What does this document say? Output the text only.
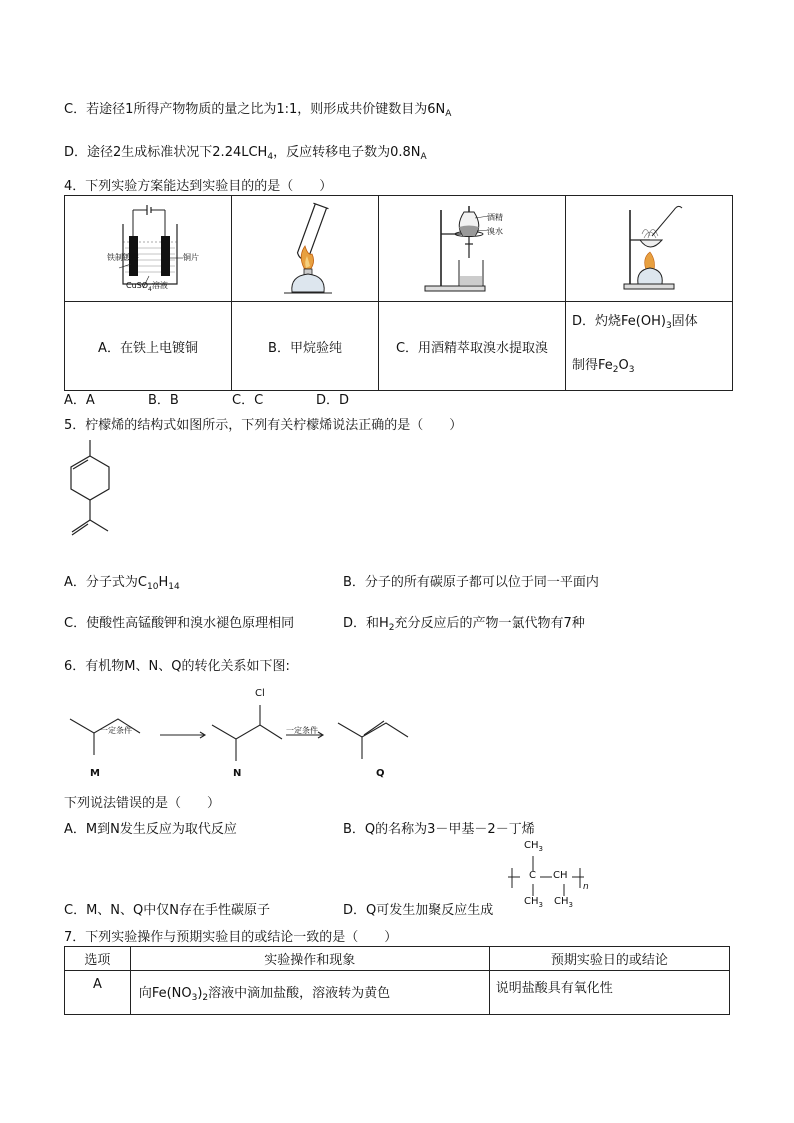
C．若途径1所得产物物质的量之比为1:1，则形成共价键数目为$6N_A$
D．途径2生成标准状况下$2.24LCH_4$，反应转移电子数为$0.8N_A$
4．下列实验方案能达到实验目的的是（　　）

A．在铁上电镀铜	B．甲烷验纯	C．用酒精萃取溴水提取溴	D．灼烧$Fe(OH)_3$固体
制得$Fe_2O_3$
铁制镀件	铜片
CuSO$_4$溶液
酒精
溴水
A．A	B．B	C．C	D．D
5．柠檬烯的结构式如图所示，下列有关柠檬烯说法正确的是（　　）
A．分子式为$C_{10}H_{14}$	B．分子的所有碳原子都可以位于同一平面内
C．使酸性高锰酸钾和溴水褪色原理相同	D．和$H_2$充分反应后的产物一氯代物有7种
6．有机物M、N、Q的转化关系如下图:
一定条件	一定条件
Cl
M	N	Q
下列说法错误的是（　　）
A．M到N发生反应为取代反应	B．Q的名称为3－甲基－2－丁烯
C．M、N、Q中仅N存在手性碳原子	D．Q可发生加聚反应生成
$CH_3$
C CH
$CH_3$ $CH_3$
n
7．下列实验操作与预期实验目的或结论一致的是（　　）
选项	实验操作和现象	预期实验日的或结论
A	向$Fe(NO_3)_2$溶液中滴加盐酸，溶液转为黄色	说明盐酸具有氧化性
